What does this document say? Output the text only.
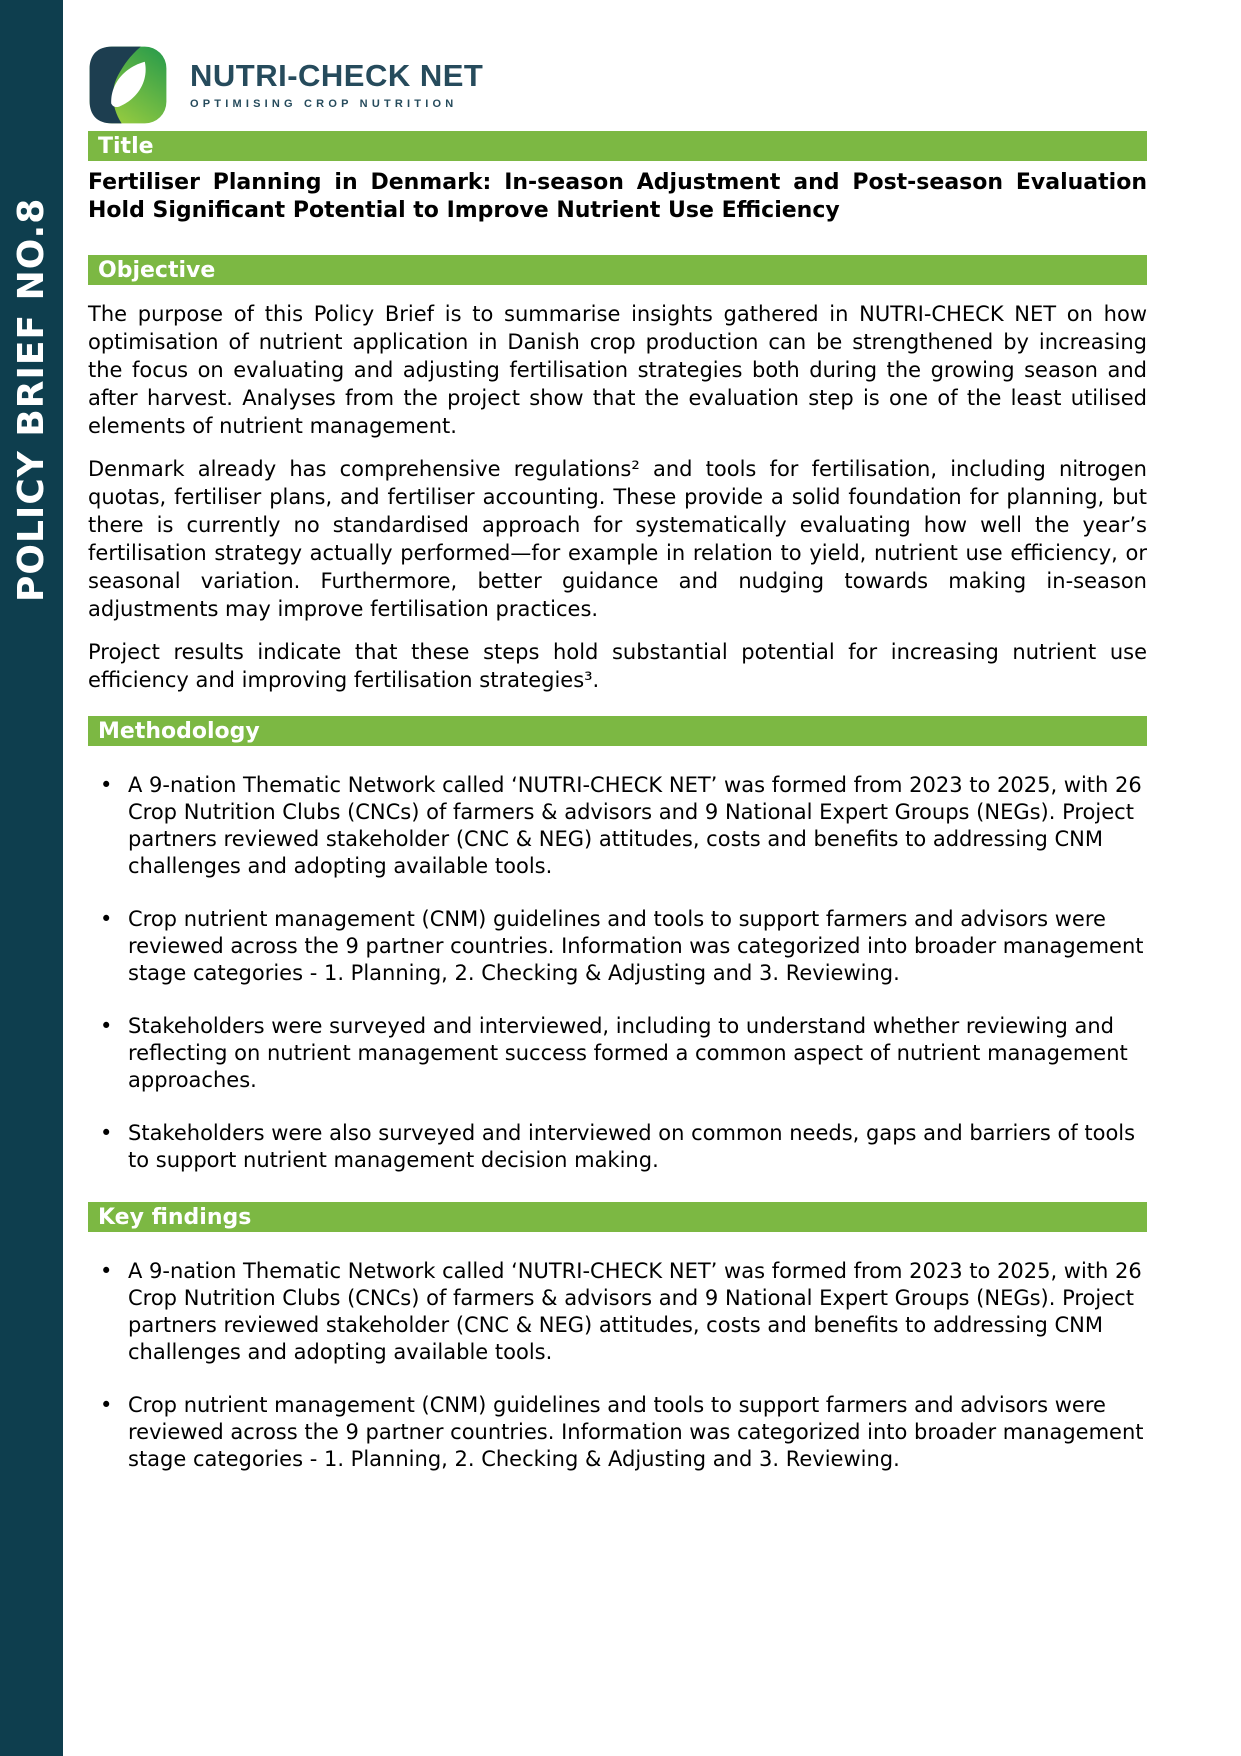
POLICY BRIEF NO.8
NUTRI-CHECK NET
OPTIMISING CROP NUTRITION
Title

Fertiliser Planning in Denmark: In-season Adjustment and Post-season Evaluation Hold Significant Potential to Improve Nutrient Use Efficiency

Objective

The purpose of this Policy Brief is to summarise insights gathered in NUTRI-CHECK NET on how optimisation of nutrient application in Danish crop production can be strengthened by increasing the focus on evaluating and adjusting fertilisation strategies both during the growing season and after harvest. Analyses from the project show that the evaluation step is one of the least utilised elements of nutrient management.

Denmark already has comprehensive regulations² and tools for fertilisation, including nitrogen quotas, fertiliser plans, and fertiliser accounting. These provide a solid foundation for planning, but there is currently no standardised approach for systematically evaluating how well the year’s fertilisation strategy actually performed—for example in relation to yield, nutrient use efficiency, or seasonal variation. Furthermore, better guidance and nudging towards making in-season adjustments may improve fertilisation practices.

Project results indicate that these steps hold substantial potential for increasing nutrient use efficiency and improving fertilisation strategies³.

Methodology
• A 9-nation Thematic Network called ‘NUTRI-CHECK NET’ was formed from 2023 to 2025, with 26 Crop Nutrition Clubs (CNCs) of farmers & advisors and 9 National Expert Groups (NEGs). Project partners reviewed stakeholder (CNC & NEG) attitudes, costs and benefits to addressing CNM challenges and adopting available tools.
• Crop nutrient management (CNM) guidelines and tools to support farmers and advisors were reviewed across the 9 partner countries. Information was categorized into broader management stage categories - 1. Planning, 2. Checking & Adjusting and 3. Reviewing.
• Stakeholders were surveyed and interviewed, including to understand whether reviewing and reflecting on nutrient management success formed a common aspect of nutrient management approaches.
• Stakeholders were also surveyed and interviewed on common needs, gaps and barriers of tools to support nutrient management decision making.
Key findings
• A 9-nation Thematic Network called ‘NUTRI-CHECK NET’ was formed from 2023 to 2025, with 26 Crop Nutrition Clubs (CNCs) of farmers & advisors and 9 National Expert Groups (NEGs). Project partners reviewed stakeholder (CNC & NEG) attitudes, costs and benefits to addressing CNM challenges and adopting available tools.
• Crop nutrient management (CNM) guidelines and tools to support farmers and advisors were reviewed across the 9 partner countries. Information was categorized into broader management stage categories - 1. Planning, 2. Checking & Adjusting and 3. Reviewing.
